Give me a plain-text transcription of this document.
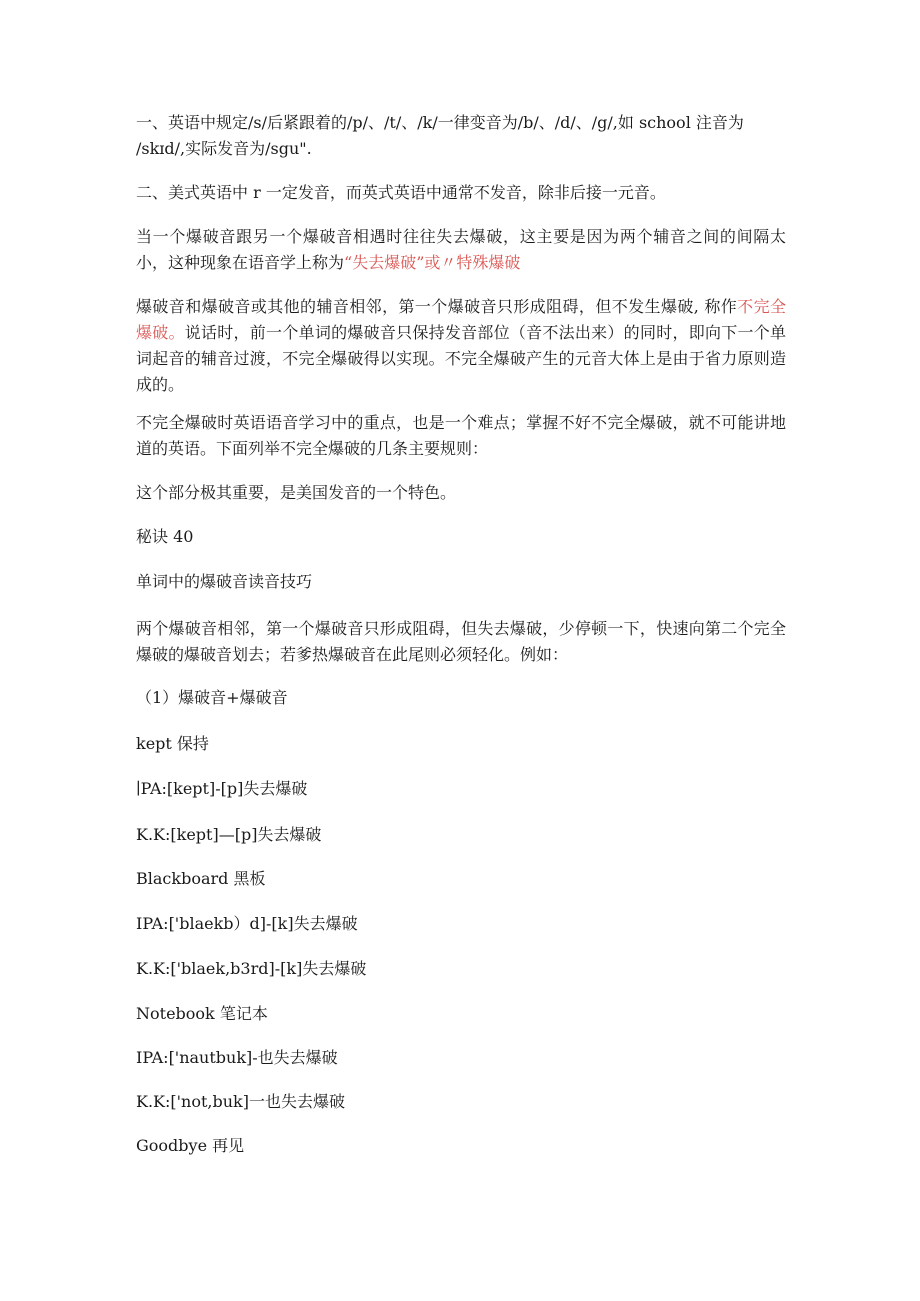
一、英语中规定/s/后紧跟着的/p/、/t/、/k/一律变音为/b/、/d/、/g/,如 school 注音为
/skɪd/,实际发音为/sgu".
二、美式英语中 r 一定发音，而英式英语中通常不发音，除非后接一元音。

当一个爆破音跟另一个爆破音相遇时往往失去爆破，这主要是因为两个辅音之间的间隔太小，这种现象在语音学上称为“失去爆破”或〃特殊爆破

爆破音和爆破音或其他的辅音相邻，第一个爆破音只形成阻碍，但不发生爆破, 称作不完全爆破。说话时，前一个单词的爆破音只保持发音部位（音不法出来）的同时，即向下一个单词起音的辅音过渡，不完全爆破得以实现。不完全爆破产生的元音大体上是由于省力原则造成的。

不完全爆破时英语语音学习中的重点，也是一个难点；掌握不好不完全爆破，就不可能讲地道的英语。下面列举不完全爆破的几条主要规则：

这个部分极其重要，是美国发音的一个特色。
秘诀 40
单词中的爆破音读音技巧

两个爆破音相邻，第一个爆破音只形成阻碍，但失去爆破，少停顿一下，快速向第二个完全爆破的爆破音划去；若爹热爆破音在此尾则必须轻化。例如：

（1）爆破音+爆破音
kept 保持
∣PA:[kept]-[p]失去爆破
K.K:[kept]—[p]失去爆破
Blackboard 黑板
IPA:['blaekb）d]-[k]失去爆破
K.K:['blaek,b3rd]-[k]失去爆破
Notebook 笔记本
IPA:['nautbuk]-也失去爆破
K.K:['not,buk]一也失去爆破
Goodbye 再见
